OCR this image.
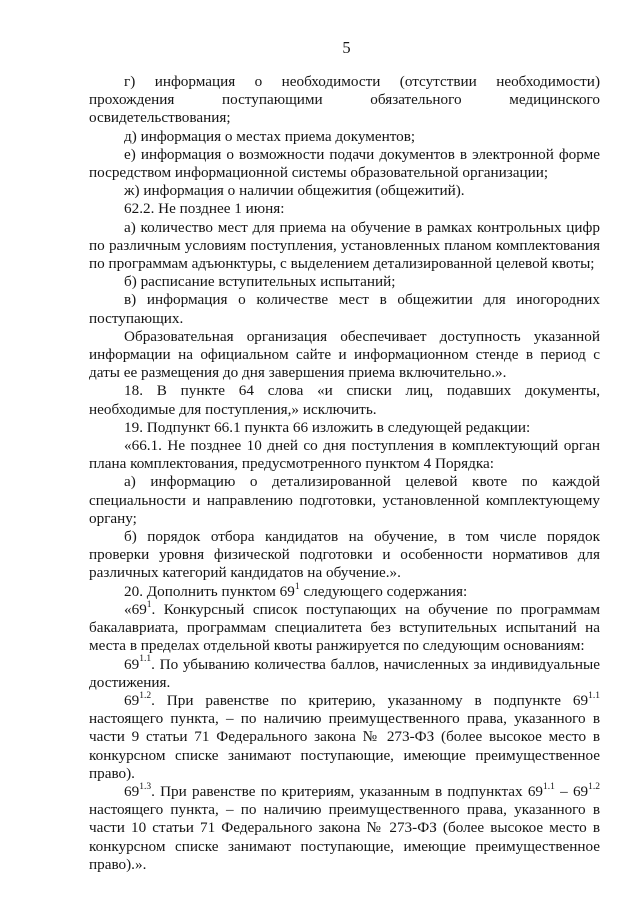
5

г) информация о необходимости (отсутствии необходимости) прохождения поступающими обязательного медицинского освидетельствования;

д) информация о местах приема документов;

е) информация о возможности подачи документов в электронной форме посредством информационной системы образовательной организации;

ж) информация о наличии общежития (общежитий).

62.2. Не позднее 1 июня:

а) количество мест для приема на обучение в рамках контрольных цифр по различным условиям поступления, установленных планом комплектования по программам адъюнктуры, с выделением детализированной целевой квоты;

б) расписание вступительных испытаний;

в) информация о количестве мест в общежитии для иногородних поступающих.

Образовательная организация обеспечивает доступность указанной информации на официальном сайте и информационном стенде в период с даты ее размещения до дня завершения приема включительно.».

18. В пункте 64 слова «и списки лиц, подавших документы, необходимые для поступления,» исключить.

19. Подпункт 66.1 пункта 66 изложить в следующей редакции:

«66.1. Не позднее 10 дней со дня поступления в комплектующий орган плана комплектования, предусмотренного пунктом 4 Порядка:

а) информацию о детализированной целевой квоте по каждой специальности и направлению подготовки, установленной комплектующему органу;

б) порядок отбора кандидатов на обучение, в том числе порядок проверки уровня физической подготовки и особенности нормативов для различных категорий кандидатов на обучение.».

20. Дополнить пунктом $69^1$ следующего содержания:

«$69^1$. Конкурсный список поступающих на обучение по программам бакалавриата, программам специалитета без вступительных испытаний на места в пределах отдельной квоты ранжируется по следующим основаниям:

$69^{1.1}$. По убыванию количества баллов, начисленных за индивидуальные достижения.

$69^{1.2}$. При равенстве по критерию, указанному в подпункте $69^{1.1}$ настоящего пункта, – по наличию преимущественного права, указанного в части 9 статьи 71 Федерального закона № 273-ФЗ (более высокое место в конкурсном списке занимают поступающие, имеющие преимущественное право).

$69^{1.3}$. При равенстве по критериям, указанным в подпунктах $69^{1.1} - 69^{1.2}$ настоящего пункта, – по наличию преимущественного права, указанного в части 10 статьи 71 Федерального закона № 273-ФЗ (более высокое место в конкурсном списке занимают поступающие, имеющие преимущественное право).».
